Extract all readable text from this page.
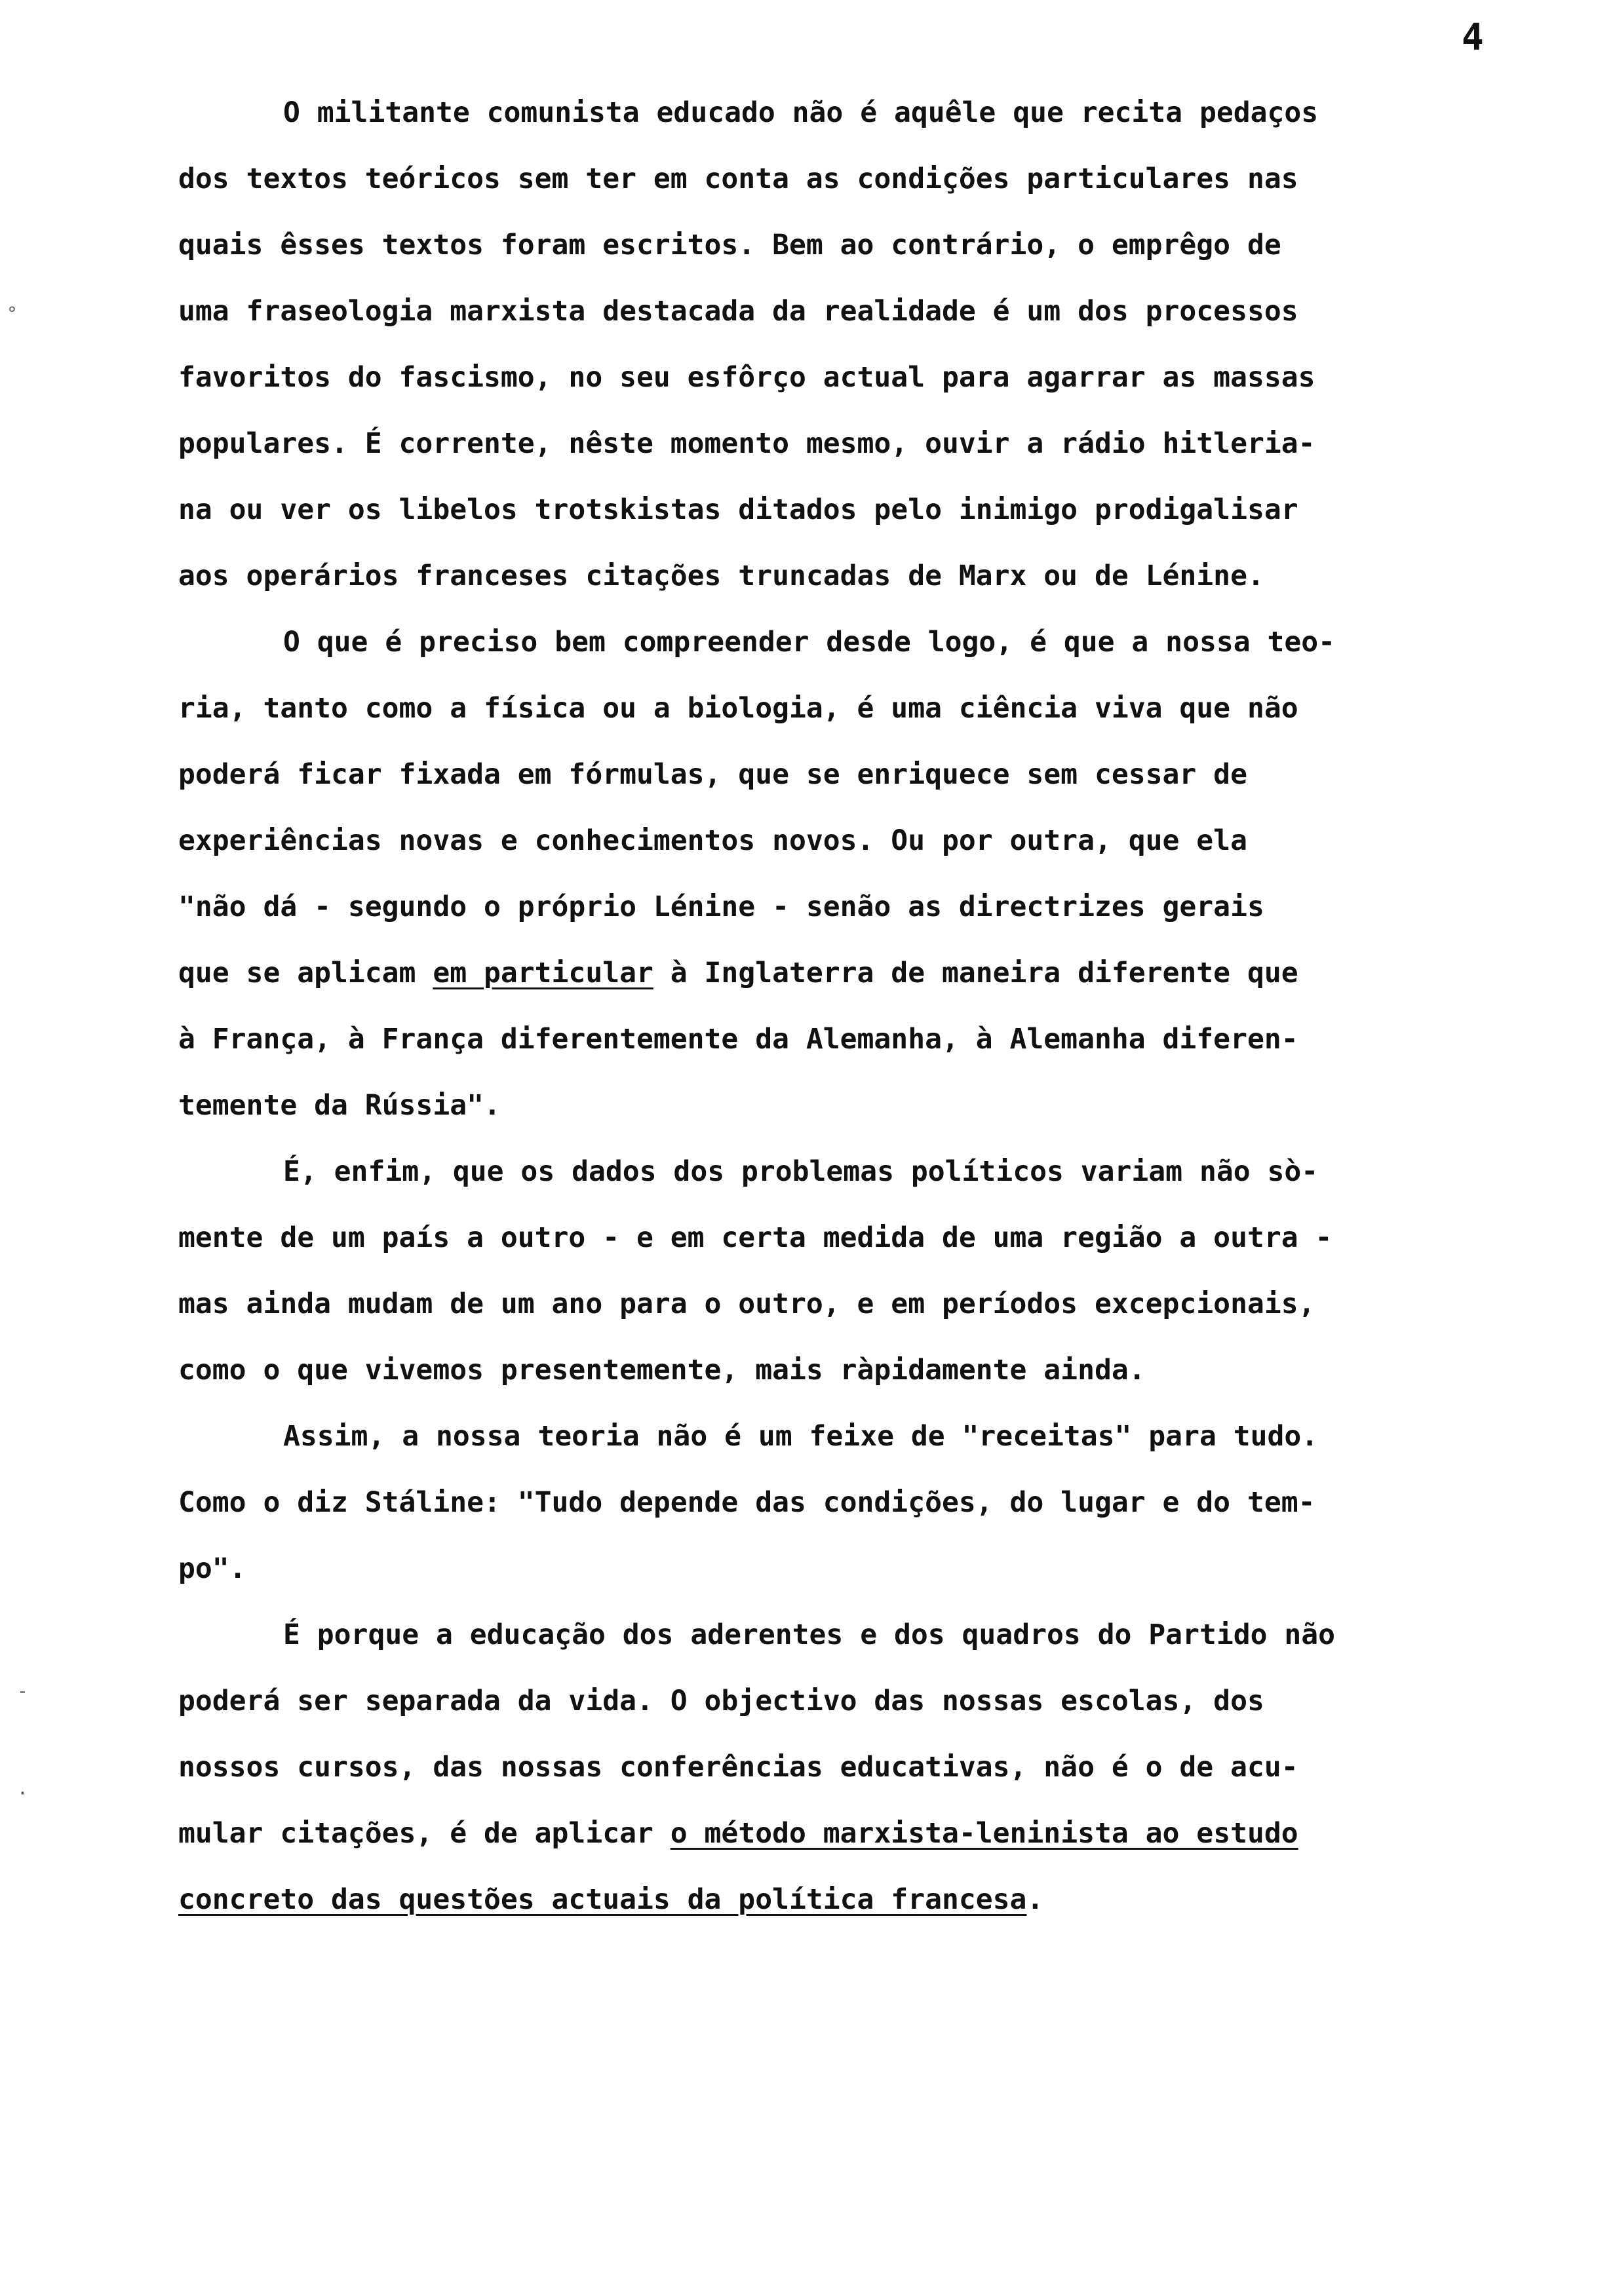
4
°
-
·
O militante comunista educado não é aquêle que recita pedaços
dos textos teóricos sem ter em conta as condições particulares nas
quais êsses textos foram escritos. Bem ao contrário, o emprêgo de
uma fraseologia marxista destacada da realidade é um dos processos
favoritos do fascismo, no seu esfôrço actual para agarrar as massas
populares. É corrente, nêste momento mesmo, ouvir a rádio hitleria-
na ou ver os libelos trotskistas ditados pelo inimigo prodigalisar
aos operários franceses citações truncadas de Marx ou de Lénine.
O que é preciso bem compreender desde logo, é que a nossa teo-
ria, tanto como a física ou a biologia, é uma ciência viva que não
poderá ficar fixada em fórmulas, que se enriquece sem cessar de
experiências novas e conhecimentos novos. Ou por outra, que ela
"não dá - segundo o próprio Lénine - senão as directrizes gerais
que se aplicam em particular à Inglaterra de maneira diferente que
à França, à França diferentemente da Alemanha, à Alemanha diferen-
temente da Rússia".
É, enfim, que os dados dos problemas políticos variam não sò-
mente de um país a outro - e em certa medida de uma região a outra -
mas ainda mudam de um ano para o outro, e em períodos excepcionais,
como o que vivemos presentemente, mais ràpidamente ainda.
Assim, a nossa teoria não é um feixe de "receitas" para tudo.
Como o diz Stáline: "Tudo depende das condições, do lugar e do tem-
po".
É porque a educação dos aderentes e dos quadros do Partido não
poderá ser separada da vida. O objectivo das nossas escolas, dos
nossos cursos, das nossas conferências educativas, não é o de acu-
mular citações, é de aplicar o método marxista-leninista ao estudo
concreto das questões actuais da política francesa.
